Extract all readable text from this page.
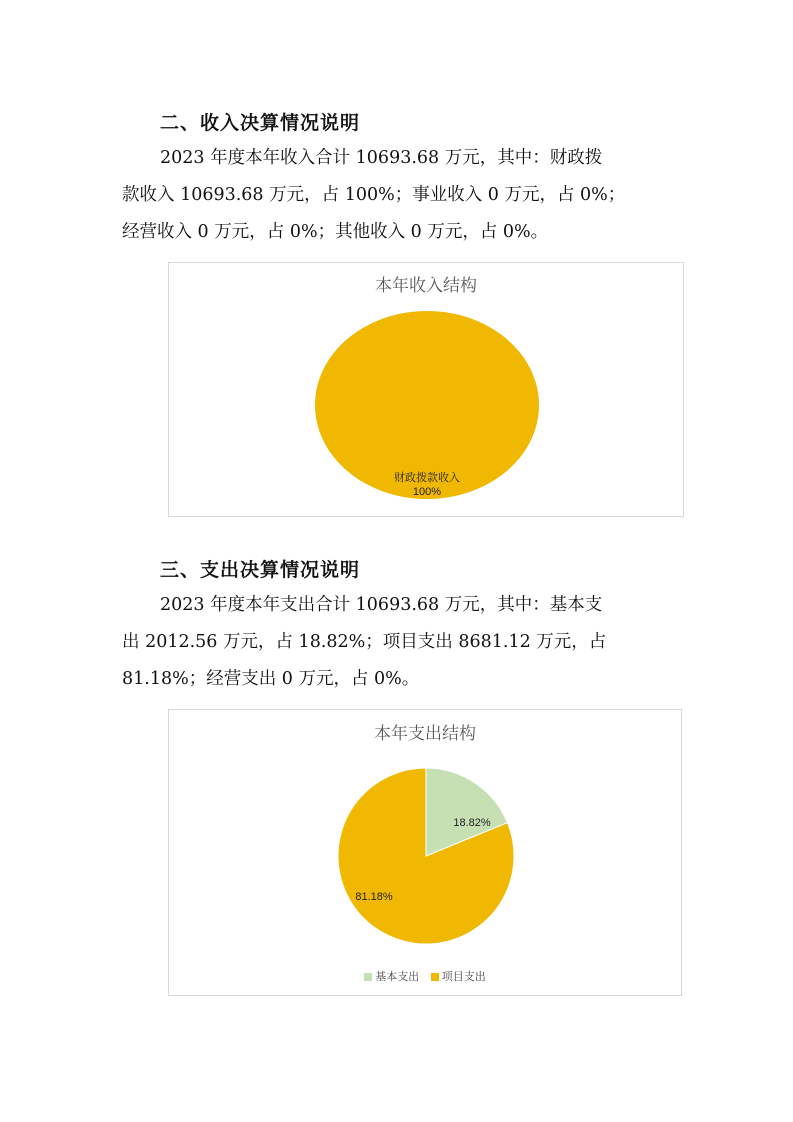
二、收入决算情况说明
2023 年度本年收入合计 10693.68 万元，其中：财政拨
款收入 10693.68 万元，占 100%；事业收入 0 万元，占 0%；
经营收入 0 万元，占 0%；其他收入 0 万元，占 0%。
本年收入结构
财政拨款收入
100%
三、支出决算情况说明
2023 年度本年支出合计 10693.68 万元，其中：基本支
出 2012.56 万元，占 18.82%；项目支出 8681.12 万元，占
81.18%；经营支出 0 万元，占 0%。
本年支出结构
18.82%
81.18%
基本支出 项目支出
